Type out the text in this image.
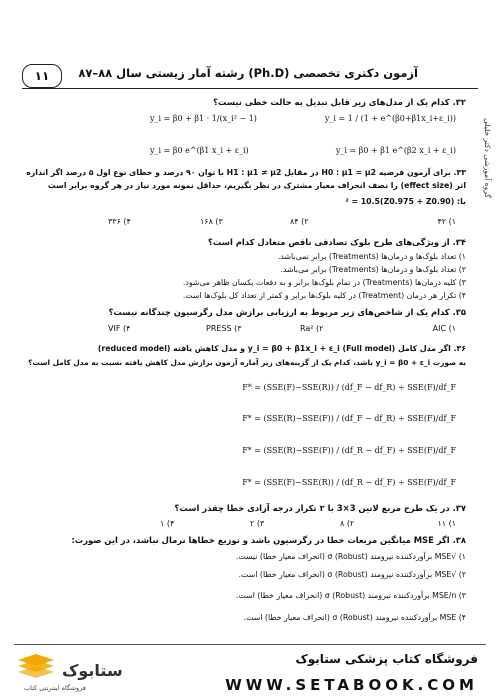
۱۱	آزمون دکتری تخصصی (Ph.D) رشته آمار زیستی سال ۸۸–۸۷
گروه آموزشی دکتر خلیلی
۳۲. کدام یک از مدل‌های زیر قابل تبدیل به حالت خطی نیست؟
y_i = 1 / (1 + e^(β0+β1x_i+ε_i))
y_i = β0 + β1 · 1/(x_i² − 1)
y_i = β0 + β1 e^(β2 x_i + ε_i)
y_i = β0 e^(β1 x_i + ε_i)
۳۳. برای آزمون فرضیه H0 : μ1 = μ2 در مقابل H1 : μ1 ≠ μ2 با توان ۹۰ درصد و خطای نوع اول ۵ درصد اگر اندازه
اثر (effect size) را نصف انحراف معیار مشترک در نظر بگیریم، حداقل نمونه مورد نیاز در هر گروه برابر است
با: (Z0.975 + Z0.90)² = 10.5
۴۲ (۱
۸۴ (۲
۱۶۸ (۳
۳۳۶ (۴
۳۴. از ویژگی‌های طرح بلوک تصادفی ناقص متعادل کدام است؟
۱) تعداد بلوک‌ها و درمان‌ها (Treatments) برابر نمی‌باشد.
۲) تعداد بلوک‌ها و درمان‌ها (Treatments) برابر می‌باشد.
۳) کلیه درمان‌ها (Treatments) در تمام بلوک‌ها برابر و به دفعات یکسان ظاهر می‌شود.
۴) تکرار هر درمان (Treatment) در کلیه بلوک‌ها برابر و کمتر از تعداد کل بلوک‌ها است.
۳۵. کدام یک از شاخص‌های زیر مربوط به ارزیابی برازش مدل رگرسیون چندگانه نیست؟
AIC (۱
Ra² (۲
PRESS (۳
VIF (۴
۳۶. اگر مدل کامل (Full model) y_i = β0 + β1x_i + ε_i و مدل کاهش یافته (reduced model)
به صورت y_i = β0 + ε_i باشد، کدام یک از گزینه‌های زیر آماره آزمون برازش مدل کاهش یافته نسبت به مدل کامل است؟
F* = (SSE(F)−SSE(R)) / (df_F − df_R) ÷ SSE(F)/df_F
F* = (SSE(R)−SSE(F)) / (df_F − df_R) ÷ SSE(F)/df_F
F* = (SSE(R)−SSE(F)) / (df_R − df_F) ÷ SSE(F)/df_F
F* = (SSE(F)−SSE(R)) / (df_R − df_F) ÷ SSE(F)/df_F
۳۷. در یک طرح مربع لاتین 3×3 با ۲ تکرار درجه آزادی خطا چقدر است؟
۱۱ (۱
۸ (۲
۲ (۳
۱ (۴
۳۸. اگر MSE میانگین مربعات خطا در رگرسیون باشد و توزیع خطاها نرمال نباشد، در این صورت:
۱) √MSE برآوردکننده نیرومند (Robust) σ (انحراف معیار خطا) نیست.
۲) √MSE برآوردکننده نیرومند (Robust) σ (انحراف معیار خطا) است.
۳) MSE/n برآوردکننده نیرومند (Robust) σ (انحراف معیار خطا) است.
۴) MSE برآوردکننده نیرومند (Robust) σ (انحراف معیار خطا) است.
ستابوک
فروشگاه اینترنتی کتاب
فروشگاه کتاب پزشکی ستابوک
WWW.SETABOOK.COM
